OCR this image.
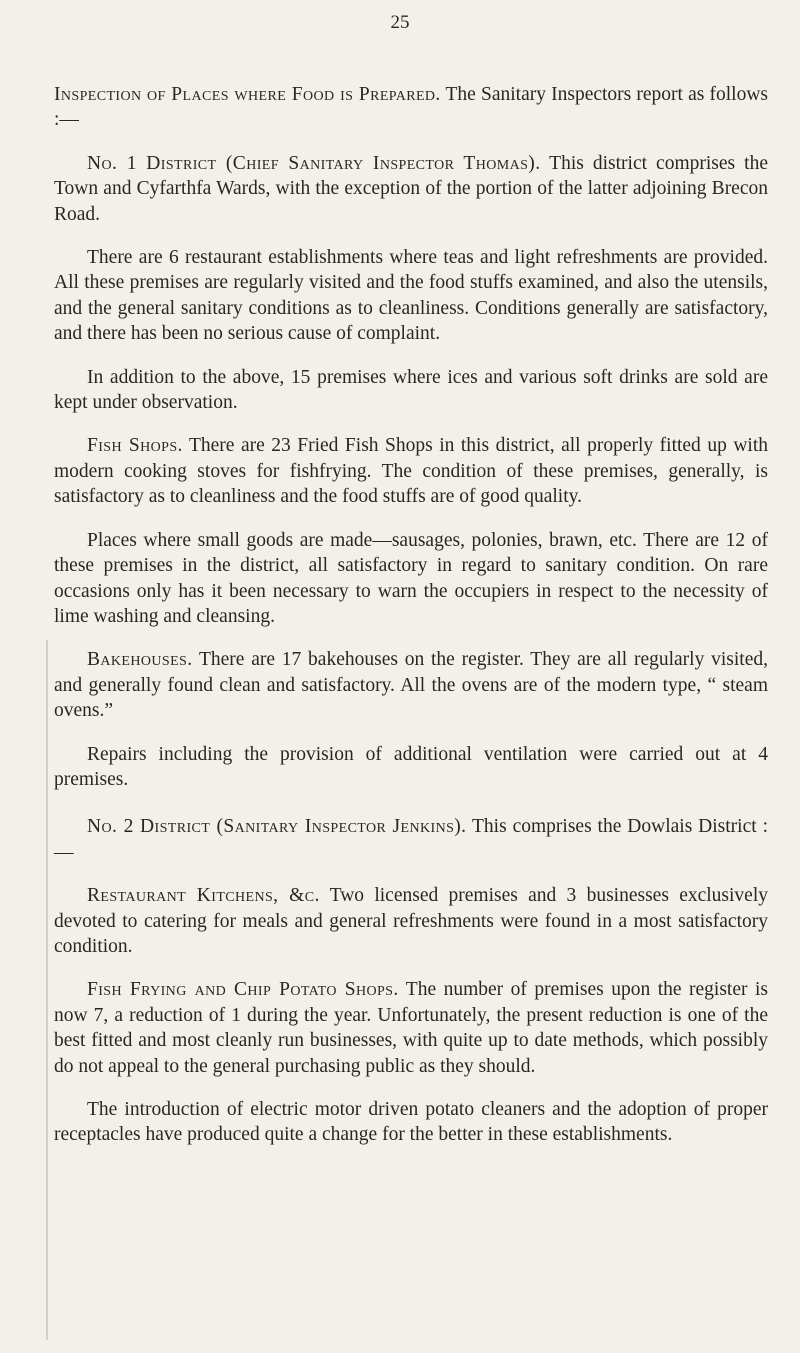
25

Inspection of Places where Food is Prepared. The Sanitary Inspectors report as follows :—

No. 1 District (Chief Sanitary Inspector Thomas). This district comprises the Town and Cyfarthfa Wards, with the exception of the portion of the latter adjoining Brecon Road.

There are 6 restaurant establishments where teas and light refreshments are provided. All these premises are regularly visited and the food stuffs examined, and also the utensils, and the general sanitary conditions as to cleanliness. Conditions generally are satisfactory, and there has been no serious cause of complaint.

In addition to the above, 15 premises where ices and various soft drinks are sold are kept under observation.

Fish Shops. There are 23 Fried Fish Shops in this district, all properly fitted up with modern cooking stoves for fishfrying. The condition of these premises, generally, is satisfactory as to cleanliness and the food stuffs are of good quality.

Places where small goods are made—sausages, polonies, brawn, etc. There are 12 of these premises in the district, all satisfactory in regard to sanitary condition. On rare occasions only has it been necessary to warn the occupiers in respect to the necessity of lime washing and cleansing.

Bakehouses. There are 17 bakehouses on the register. They are all regularly visited, and generally found clean and satisfactory. All the ovens are of the modern type, “ steam ovens.”

Repairs including the provision of additional ventilation were carried out at 4 premises.

No. 2 District (Sanitary Inspector Jenkins). This comprises the Dowlais District :—

Restaurant Kitchens, &c. Two licensed premises and 3 businesses exclusively devoted to catering for meals and general refreshments were found in a most satisfactory condition.

Fish Frying and Chip Potato Shops. The number of premises upon the register is now 7, a reduction of 1 during the year. Unfortunately, the present reduction is one of the best fitted and most cleanly run businesses, with quite up to date methods, which possibly do not appeal to the general purchasing public as they should.

The introduction of electric motor driven potato cleaners and the adoption of proper receptacles have produced quite a change for the better in these establishments.
